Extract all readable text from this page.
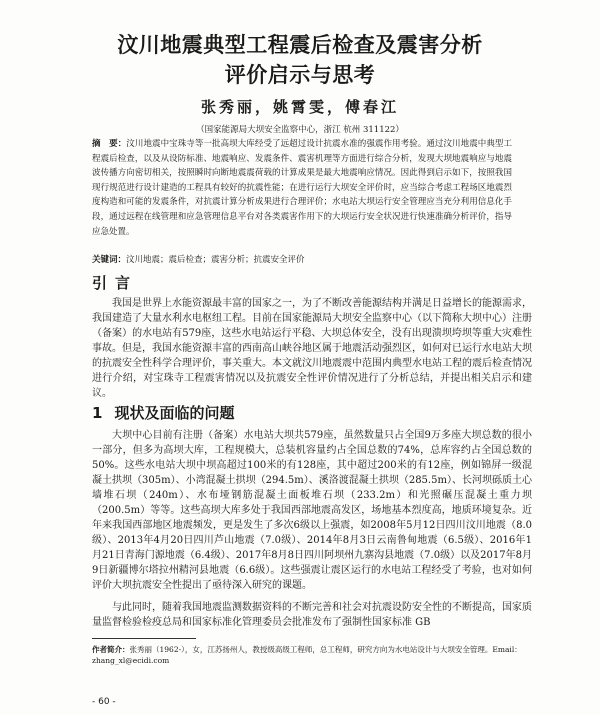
汶川地震典型工程震后检查及震害分析
评价启示与思考
张秀丽，姚霄雯，傅春江
（国家能源局大坝安全监察中心，浙江 杭州 311122）
摘　要：汶川地震中宝珠寺等一批高坝大库经受了远超过设计抗震水准的强震作用考验。通过汶川地震中典型工程震后检查，以及从设防标准、地震响应、发震条件、震害机理等方面进行综合分析，发现大坝地震响应与地震波传播方向密切相关，按照瞬时向断地震震荷载的计算成果是最大地震响应情况。因此得到启示如下，按照我国现行规范进行设计建造的工程具有较好的抗震性能；在进行运行大坝安全评价时，应当综合考虑工程场区地震烈度构造和可能的发震条件，对抗震计算分析成果进行合理评价；水电站大坝运行安全管理应当充分利用信息化手段，通过远程在线管理和应急管理信息平台对各类震害作用下的大坝运行安全状况进行快速准确分析评价，指导应急处置。
关键词：汶川地震；震后检查；震害分析；抗震安全评价
引言

我国是世界上水能资源最丰富的国家之一，为了不断改善能源结构并满足日益增长的能源需求，我国建造了大量水利水电枢纽工程。目前在国家能源局大坝安全监察中心（以下简称大坝中心）注册（备案）的水电站有579座，这些水电站运行平稳、大坝总体安全，没有出现溃坝垮坝等重大灾难性事故。但是，我国水能资源丰富的西南高山峡谷地区属于地震活动强烈区，如何对已运行水电站大坝的抗震安全性科学合理评价，事关重大。本文就汶川地震震中范围内典型水电站工程的震后检查情况进行介绍，对宝珠寺工程震害情况以及抗震安全性评价情况进行了分析总结，并提出相关启示和建议。

1 现状及面临的问题

大坝中心目前有注册（备案）水电站大坝共579座，虽然数量只占全国9万多座大坝总数的很小一部分，但多为高坝大库，工程规模大，总装机容量约占全国总数的74%，总库容约占全国总数的50%。这些水电站大坝中坝高超过100米的有128座，其中超过200米的有12座，例如锦屏一级混凝土拱坝（305m）、小湾混凝土拱坝（294.5m）、溪洛渡混凝土拱坝（285.5m）、长河坝砾质土心墙堆石坝（240m）、水布垭钢筋混凝土面板堆石坝（233.2m）和光照碾压混凝土重力坝（200.5m）等等。这些高坝大库多处于我国西部地震高发区，场地基本烈度高，地质环境复杂。近年来我国西部地区地震频发，更是发生了多次6级以上强震，如2008年5月12日四川汶川地震（8.0级）、2013年4月20日四川芦山地震（7.0级）、2014年8月3日云南鲁甸地震（6.5级）、2016年1月21日青海门源地震（6.4级）、2017年8月8日四川阿坝州九寨沟县地震（7.0级）以及2017年8月9日新疆博尔塔拉州精河县地震（6.6级）。这些强震让震区运行的水电站工程经受了考验，也对如何评价大坝抗震安全性提出了亟待深入研究的课题。

与此同时，随着我国地震监测数据资料的不断完善和社会对抗震设防安全性的不断提高，国家质量监督检验检疫总局和国家标准化管理委员会批准发布了强制性国家标准 GB

作者简介：张秀丽（1962-），女，江苏扬州人，教授级高级工程师，总工程师，研究方向为水电站设计与大坝安全管理。Email：zhang_xl@ecidi.com
- 60 -
